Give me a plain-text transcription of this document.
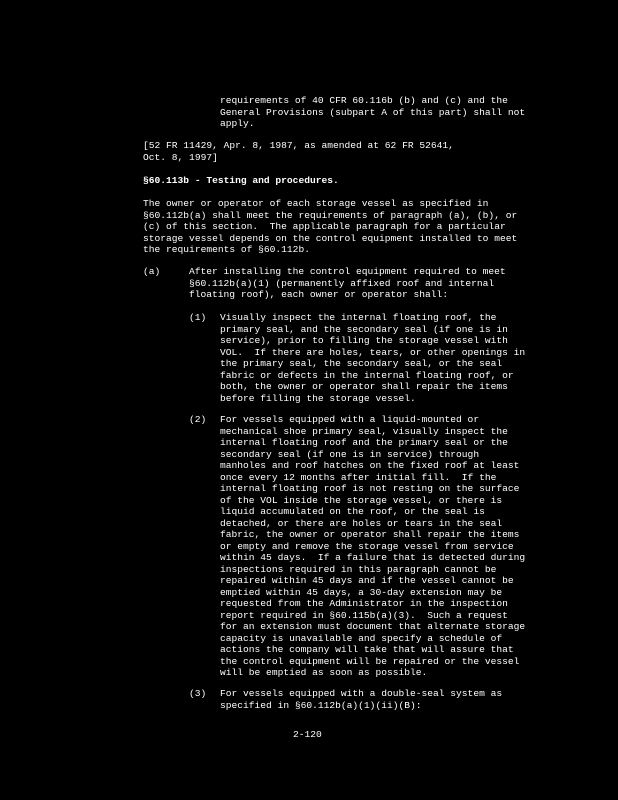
requirements of 40 CFR 60.116b (b) and (c) and the
General Provisions (subpart A of this part) shall not
apply.

[52 FR 11429, Apr. 8, 1987, as amended at 62 FR 52641,
Oct. 8, 1997]

§60.113b - Testing and procedures.

The owner or operator of each storage vessel as specified in
§60.112b(a) shall meet the requirements of paragraph (a), (b), or
(c) of this section.  The applicable paragraph for a particular
storage vessel depends on the control equipment installed to meet
the requirements of §60.112b.

(a)	After installing the control equipment required to meet
§60.112b(a)(1) (permanently affixed roof and internal
floating roof), each owner or operator shall:

(1) Visually inspect the internal floating roof, the
primary seal, and the secondary seal (if one is in
service), prior to filling the storage vessel with
VOL.  If there are holes, tears, or other openings in
the primary seal, the secondary seal, or the seal
fabric or defects in the internal floating roof, or
both, the owner or operator shall repair the items
before filling the storage vessel.

(2) For vessels equipped with a liquid-mounted or
mechanical shoe primary seal, visually inspect the
internal floating roof and the primary seal or the
secondary seal (if one is in service) through
manholes and roof hatches on the fixed roof at least
once every 12 months after initial fill.  If the
internal floating roof is not resting on the surface
of the VOL inside the storage vessel, or there is
liquid accumulated on the roof, or the seal is
detached, or there are holes or tears in the seal
fabric, the owner or operator shall repair the items
or empty and remove the storage vessel from service
within 45 days.  If a failure that is detected during
inspections required in this paragraph cannot be
repaired within 45 days and if the vessel cannot be
emptied within 45 days, a 30-day extension may be
requested from the Administrator in the inspection
report required in §60.115b(a)(3).  Such a request
for an extension must document that alternate storage
capacity is unavailable and specify a schedule of
actions the company will take that will assure that
the control equipment will be repaired or the vessel
will be emptied as soon as possible.

(3) For vessels equipped with a double-seal system as
specified in §60.112b(a)(1)(ii)(B):

2-120
